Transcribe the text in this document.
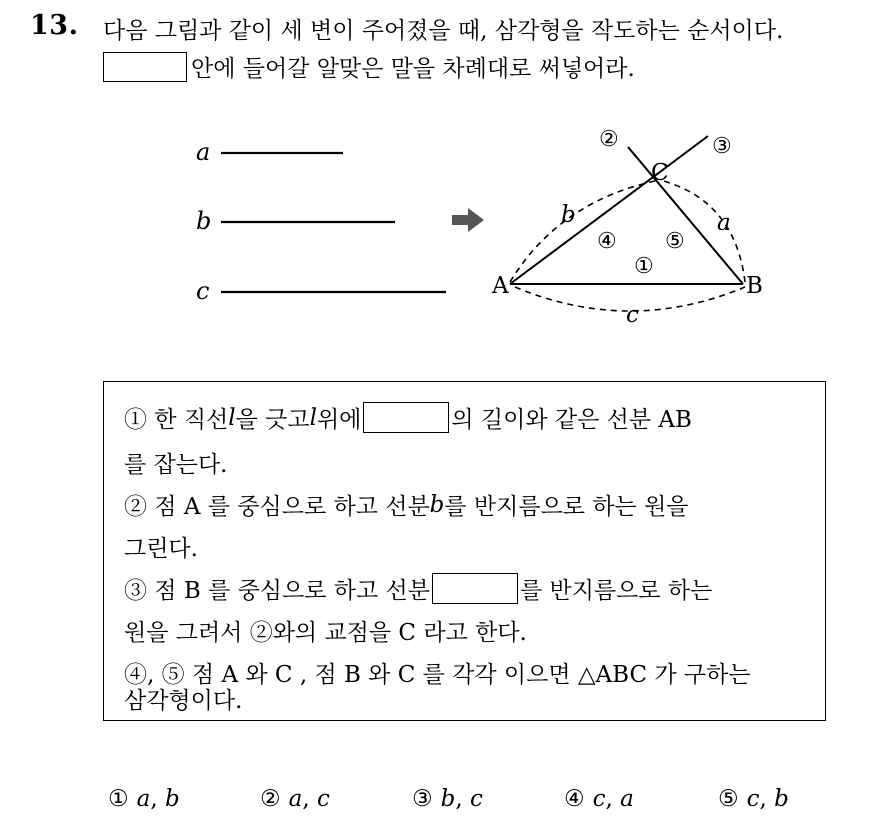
13. 다음 그림과 같이 세 변이 주어졌을 때, 삼각형을 작도하는 순서이다.
안에 들어갈 알맞은 말을 차례대로 써넣어라.
a
b
c	A	B
C
b	a
c
②	③
④ ⑤
①
① 한 직선 l 을 긋고 l 위에	의 길이와 같은 선분 AB
를 잡는다.
② 점 A 를 중심으로 하고 선분 b 를 반지름으로 하는 원을
그린다.
③ 점 B 를 중심으로 하고 선분	를 반지름으로 하는
원을 그려서 ②와의 교점을 C 라고 한다.
④, ⑤ 점 A 와 C , 점 B 와 C 를 각각 이으면 △ABC 가 구하는
삼각형이다.
① a, b	② a, c	③ b, c	④ c, a	⑤ c, b
